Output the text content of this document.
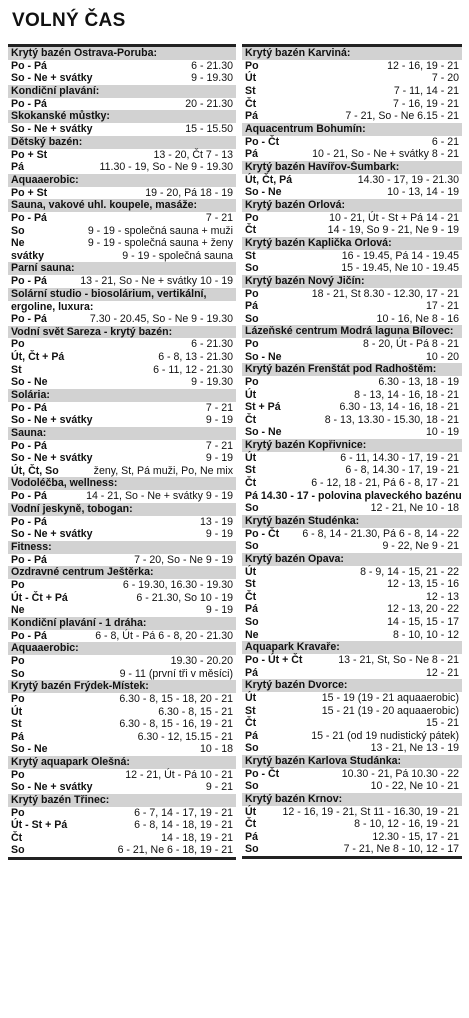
VOLNÝ ČAS
Krytý bazén Ostrava-Poruba:
Po - Pá	6 - 21.30
So - Ne + svátky	9 - 19.30
Kondiční plavání:
Po - Pá	20 - 21.30
Skokanské můstky:
So - Ne + svátky	15 - 15.50
Dětský bazén:
Po + St	13 - 20, Čt 7 - 13
Pá	11.30 - 19, So - Ne 9 - 19.30
Aquaaerobic:
Po + St	19 - 20, Pá 18 - 19
Sauna, vakové uhl. koupele, masáže:
Po - Pá	7 - 21
So	9 - 19 - společná sauna + muži
Ne	9 - 19 - společná sauna + ženy
svátky	9 - 19 - společná sauna
Parní sauna:
Po - Pá	13 - 21, So - Ne + svátky 10 - 19
Solární studio - biosolárium, vertikální,
ergoline, luxura:
Po - Pá	7.30 - 20.45, So - Ne 9 - 19.30
Vodní svět Sareza - krytý bazén:
Po	6 - 21.30
Út, Čt + Pá	6 - 8, 13 - 21.30
St	6 - 11, 12 - 21.30
So - Ne	9 - 19.30
Solária:
Po - Pá	7 - 21
So - Ne + svátky	9 - 19
Sauna:
Po - Pá	7 - 21
So - Ne + svátky	9 - 19
Út, Čt, So	ženy, St, Pá muži, Po, Ne mix
Vodoléčba, wellness:
Po - Pá	14 - 21, So - Ne + svátky 9 - 19
Vodní jeskyně, tobogan:
Po - Pá	13 - 19
So - Ne + svátky	9 - 19
Fitness:
Po - Pá	7 - 20, So - Ne 9 - 19
Ozdravné centrum Ještěrka:
Po	6 - 19.30, 16.30 - 19.30
Út - Čt + Pá	6 - 21.30, So 10 - 19
Ne	9 - 19
Kondiční plavání - 1 dráha:
Po - Pá	6 - 8, Út - Pá 6 - 8, 20 - 21.30
Aquaaerobic:
Po	19.30 - 20.20
So	9 - 11 (první tři v měsíci)
Krytý bazén Frýdek-Místek:
Po	6.30 - 8, 15 - 18, 20 - 21
Út	6.30 - 8, 15 - 21
St	6.30 - 8, 15 - 16, 19 - 21
Pá	6.30 - 12, 15.15 - 21
So - Ne	10 - 18
Krytý aquapark Olešná:
Po	12 - 21, Út - Pá 10 - 21
So - Ne + svátky	9 - 21
Krytý bazén Třinec:
Po	6 - 7, 14 - 17, 19 - 21
Út - St + Pá	6 - 8, 14 - 18, 19 - 21
Čt	14 - 18, 19 - 21
So	6 - 21, Ne 6 - 18, 19 - 21
Krytý bazén Karviná:
Po	12 - 16, 19 - 21
Út	7 - 20
St	7 - 11, 14 - 21
Čt	7 - 16, 19 - 21
Pá	7 - 21, So - Ne 6.15 - 21
Aquacentrum Bohumín:
Po - Čt	6 - 21
Pá	10 - 21, So - Ne + svátky 8 - 21
Krytý bazén Havířov-Šumbark:
Út, Čt, Pá	14.30 - 17, 19 - 21.30
So - Ne	10 - 13, 14 - 19
Krytý bazén Orlová:
Po	10 - 21, Út - St + Pá 14 - 21
Čt	14 - 19, So 9 - 21, Ne 9 - 19
Krytý bazén Kaplička Orlová:
St	16 - 19.45, Pá 14 - 19.45
So	15 - 19.45, Ne 10 - 19.45
Krytý bazén Nový Jičín:
Po	18 - 21, St 8.30 - 12.30, 17 - 21
Pá	17 - 21
So	10 - 16, Ne 8 - 16
Lázeňské centrum Modrá laguna Bílovec:
Po	8 - 20, Út - Pá 8 - 21
So - Ne	10 - 20
Krytý bazén Frenštát pod Radhoštěm:
Po	6.30 - 13, 18 - 19
Út	8 - 13, 14 - 16, 18 - 21
St + Pá	6.30 - 13, 14 - 16, 18 - 21
Čt	8 - 13, 13.30 - 15.30, 18 - 21
So - Ne	10 - 19
Krytý bazén Kopřivnice:
Út	6 - 11, 14.30 - 17, 19 - 21
St	6 - 8, 14.30 - 17, 19 - 21
Čt	6 - 12, 18 - 21, Pá 6 - 8, 17 - 21
Pá 14.30 - 17 - polovina plaveckého bazénu
So	12 - 21, Ne 10 - 18
Krytý bazén Studénka:
Po - Čt	6 - 8, 14 - 21.30, Pá 6 - 8, 14 - 22
So	9 - 22, Ne 9 - 21
Krytý bazén Opava:
Út	8 - 9, 14 - 15, 21 - 22
St	12 - 13, 15 - 16
Čt	12 - 13
Pá	12 - 13, 20 - 22
So	14 - 15, 15 - 17
Ne	8 - 10, 10 - 12
Aquapark Kravaře:
Po - Út + Čt	13 - 21, St, So - Ne 8 - 21
Pá	12 - 21
Krytý bazén Dvorce:
Út	15 - 19 (19 - 21 aquaaerobic)
St	15 - 21 (19 - 20 aquaaerobic)
Čt	15 - 21
Pá	15 - 21 (od 19 nudistický pátek)
So	13 - 21, Ne 13 - 19
Krytý bazén Karlova Studánka:
Po - Čt	10.30 - 21, Pá 10.30 - 22
So	10 - 22, Ne 10 - 21
Krytý bazén Krnov:
Út	12 - 16, 19 - 21, St 11 - 16.30, 19 - 21
Čt	8 - 10, 12 - 16, 19 - 21
Pá	12.30 - 15, 17 - 21
So	7 - 21, Ne 8 - 10, 12 - 17
